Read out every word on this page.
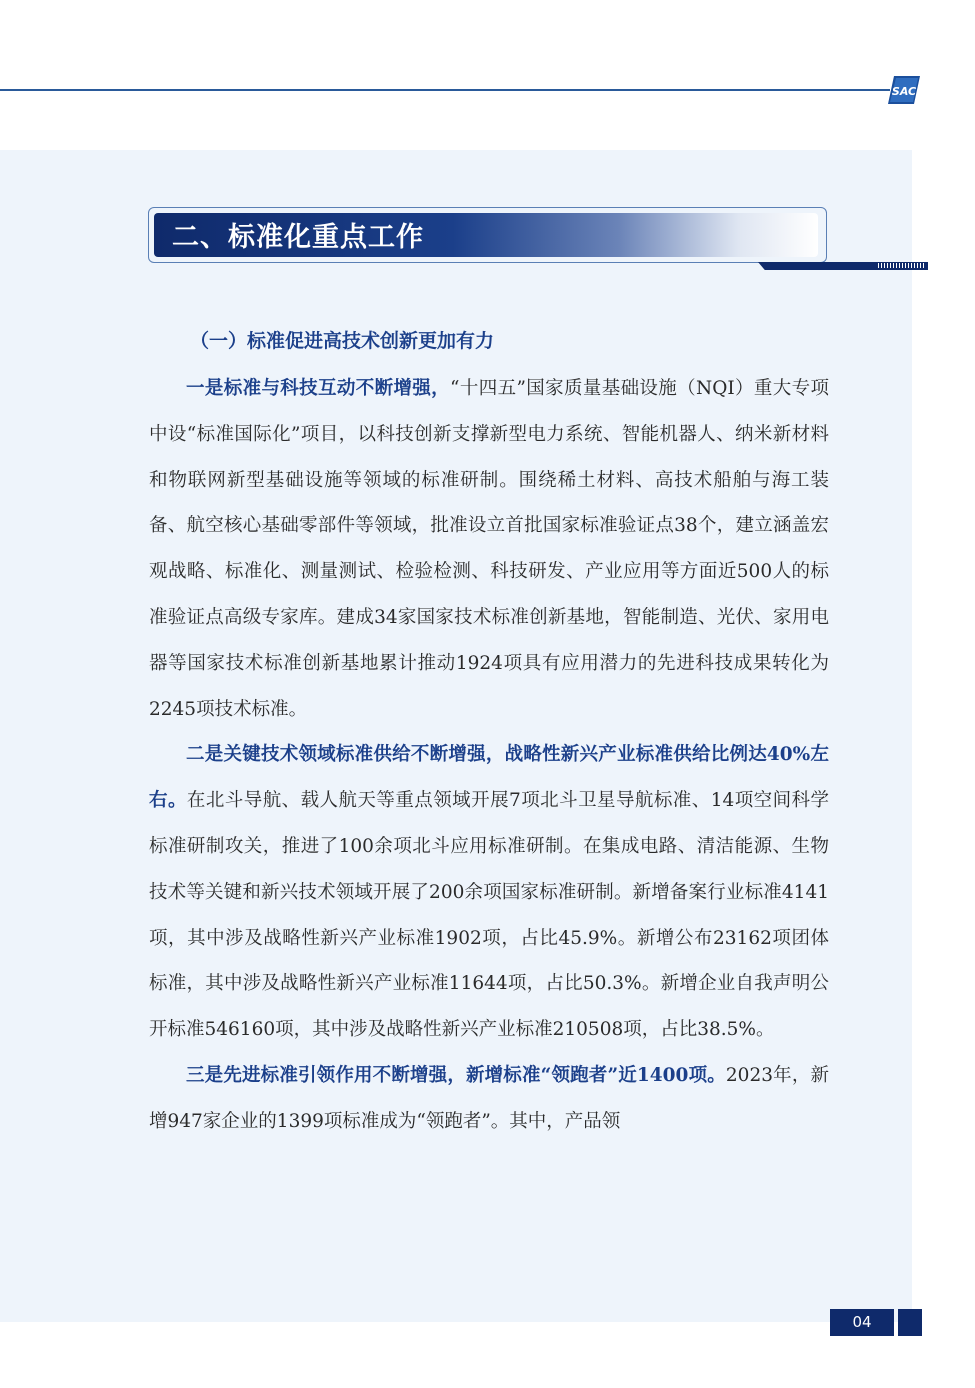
SAC
二、标准化重点工作
（一）标准促进高技术创新更加有力

一是标准与科技互动不断增强，“十四五”国家质量基础设施（NQI）重大专项中设“标准国际化”项目，以科技创新支撑新型电力系统、智能机器人、纳米新材料和物联网新型基础设施等领域的标准研制。围绕稀土材料、高技术船舶与海工装备、航空核心基础零部件等领域，批准设立首批国家标准验证点38个，建立涵盖宏观战略、标准化、测量测试、检验检测、科技研发、产业应用等方面近500人的标准验证点高级专家库。建成34家国家技术标准创新基地，智能制造、光伏、家用电器等国家技术标准创新基地累计推动1924项具有应用潜力的先进科技成果转化为2245项技术标准。

二是关键技术领域标准供给不断增强，战略性新兴产业标准供给比例达40%左右。在北斗导航、载人航天等重点领域开展7项北斗卫星导航标准、14项空间科学标准研制攻关，推进了100余项北斗应用标准研制。在集成电路、清洁能源、生物技术等关键和新兴技术领域开展了200余项国家标准研制。新增备案行业标准4141项，其中涉及战略性新兴产业标准1902项，占比45.9%。新增公布23162项团体标准，其中涉及战略性新兴产业标准11644项，占比50.3%。新增企业自我声明公开标准546160项，其中涉及战略性新兴产业标准210508项，占比38.5%。

三是先进标准引领作用不断增强，新增标准“领跑者”近1400项。2023年，新增947家企业的1399项标准成为“领跑者”。其中，产品领

04
